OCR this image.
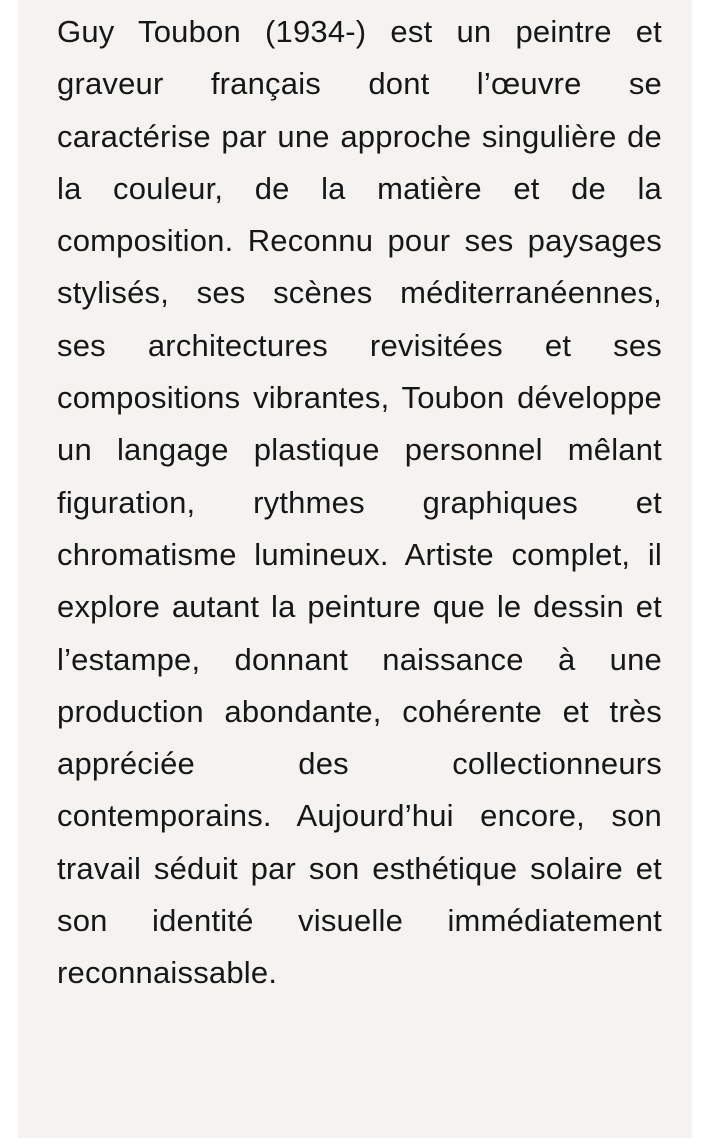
Guy Toubon (1934-) est un peintre et graveur français dont l’œuvre se caractérise par une approche singulière de la couleur, de la matière et de la composition. Reconnu pour ses paysages stylisés, ses scènes méditerranéennes, ses architectures revisitées et ses compositions vibrantes, Toubon développe un langage plastique personnel mêlant figuration, rythmes graphiques et chromatisme lumineux. Artiste complet, il explore autant la peinture que le dessin et l’estampe, donnant naissance à une production abondante, cohérente et très appréciée des collectionneurs contemporains. Aujourd’hui encore, son travail séduit par son esthétique solaire et son identité visuelle immédiatement reconnaissable.
